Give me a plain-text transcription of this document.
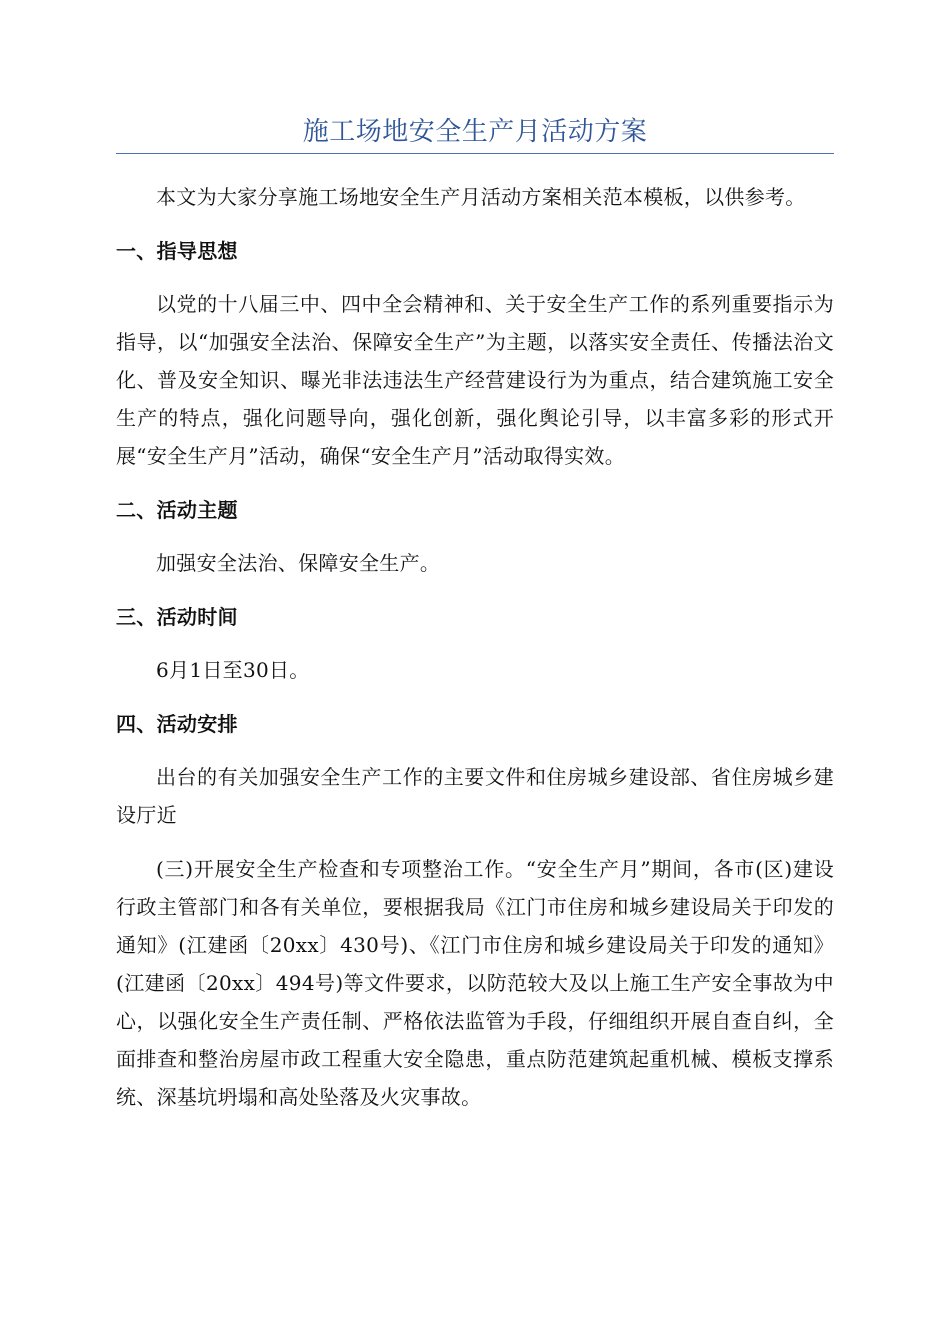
施工场地安全生产月活动方案

本文为大家分享施工场地安全生产月活动方案相关范本模板，以供参考。

一、指导思想

以党的十八届三中、四中全会精神和、关于安全生产工作的系列重要指示为指导，以“加强安全法治、保障安全生产”为主题，以落实安全责任、传播法治文化、普及安全知识、曝光非法违法生产经营建设行为为重点，结合建筑施工安全生产的特点，强化问题导向，强化创新，强化舆论引导，以丰富多彩的形式开展“安全生产月”活动，确保“安全生产月”活动取得实效。

二、活动主题

加强安全法治、保障安全生产。

三、活动时间

6月1日至30日。

四、活动安排

出台的有关加强安全生产工作的主要文件和住房城乡建设部、省住房城乡建设厅近

(三)开展安全生产检查和专项整治工作。“安全生产月”期间，各市(区)建设行政主管部门和各有关单位，要根据我局《江门市住房和城乡建设局关于印发的通知》(江建函〔20xx〕430号)、《江门市住房和城乡建设局关于印发的通知》(江建函〔20xx〕494号)等文件要求，以防范较大及以上施工生产安全事故为中心，以强化安全生产责任制、严格依法监管为手段，仔细组织开展自查自纠，全面排查和整治房屋市政工程重大安全隐患，重点防范建筑起重机械、模板支撑系统、深基坑坍塌和高处坠落及火灾事故。
